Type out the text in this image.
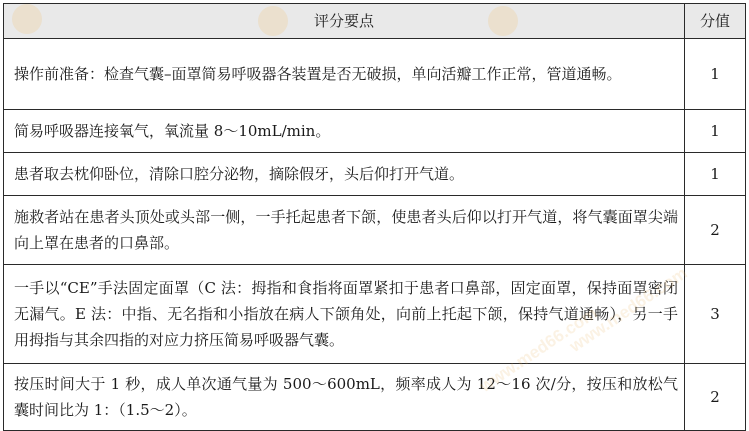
评分要点	分值
操作前准备：检查气囊–面罩简易呼吸器各装置是否无破损，单向活瓣工作正常，管道通畅。	1
简易呼吸器连接氧气，氧流量 8～10mL/min。	1
患者取去枕仰卧位，清除口腔分泌物，摘除假牙，头后仰打开气道。	1
施救者站在患者头顶处或头部一侧，一手托起患者下颌，使患者头后仰以打开气道，将气囊面罩尖端向上罩在患者的口鼻部。	2
一手以“CE”手法固定面罩（C 法：拇指和食指将面罩紧扣于患者口鼻部，固定面罩，保持面罩密闭无漏气。E 法：中指、无名指和小指放在病人下颌角处，向前上托起下颌，保持气道通畅），另一手用拇指与其余四指的对应力挤压简易呼吸器气囊。	3
按压时间大于 1 秒，成人单次通气量为 500～600mL，频率成人为 12～16 次/分，按压和放松气囊时间比为 1：（1.5～2）。	2
www.med66.com
www.med66.com
